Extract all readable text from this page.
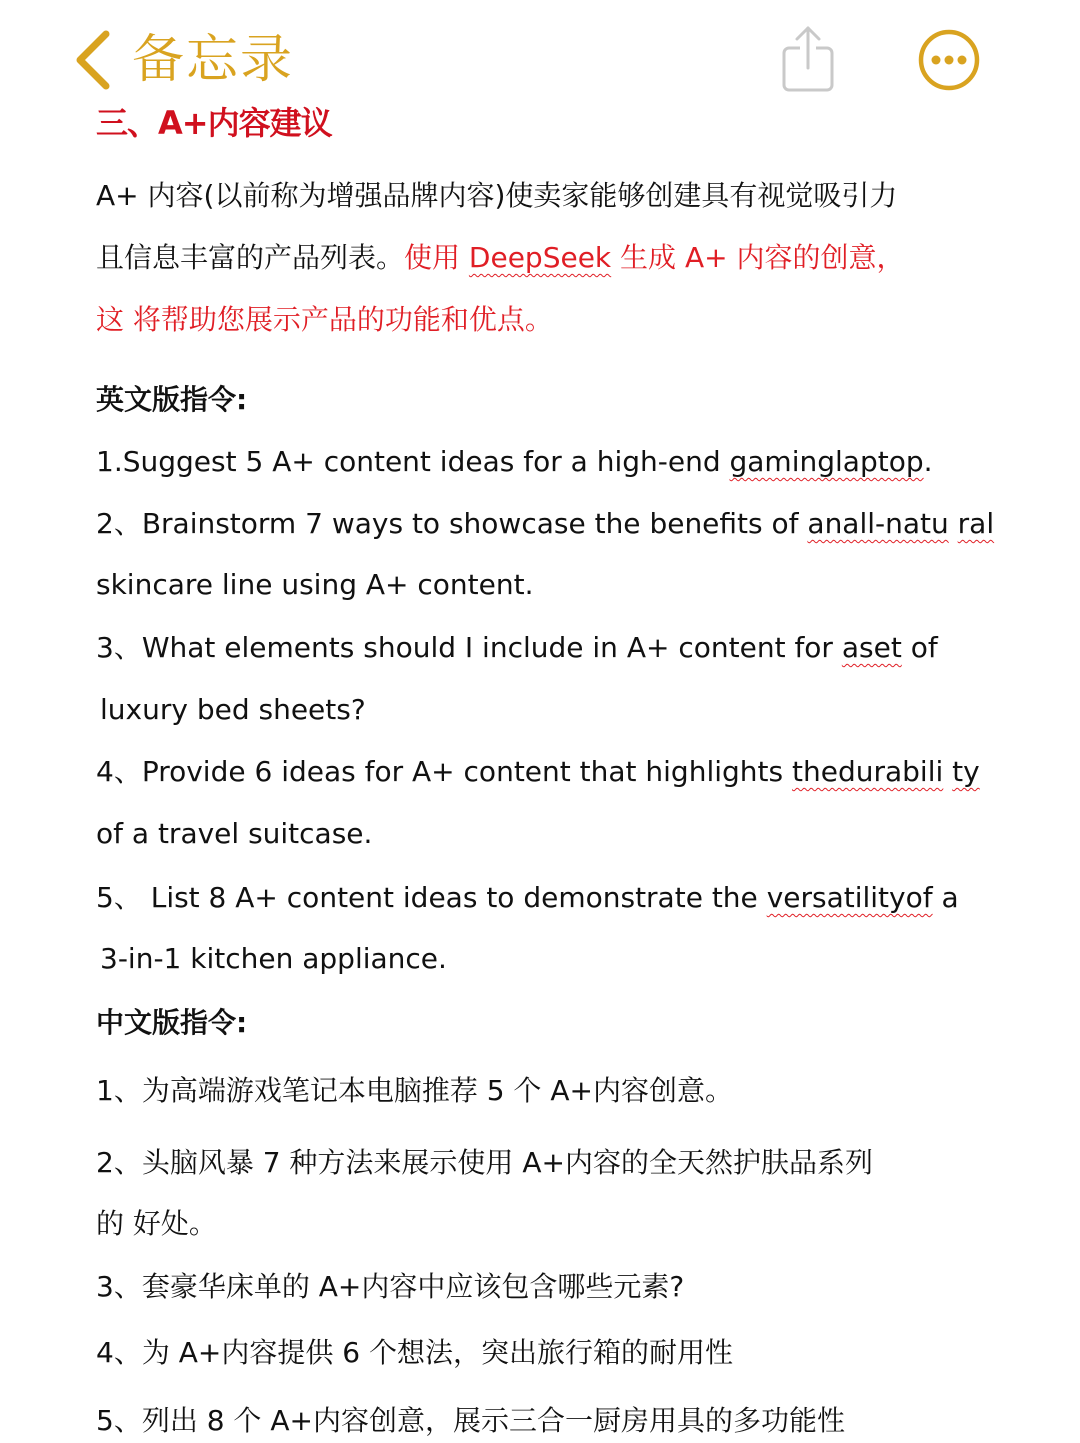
备忘录
三、A+内容建议
A+ 内容(以前称为增强品牌内容)使卖家能够创建具有视觉吸引力
且信息丰富的产品列表。使用 DeepSeek 生成 A+ 内容的创意，
这 将帮助您展示产品的功能和优点。
英文版指令:
1.Suggest 5 A+ content ideas for a high-end gaminglaptop.
2、Brainstorm 7 ways to showcase the benefits of anall-natu ral
skincare line using A+ content.
3、What elements should I include in A+ content for aset of
luxury bed sheets?
4、Provide 6 ideas for A+ content that highlights thedurabili ty
of a travel suitcase.
5、 List 8 A+ content ideas to demonstrate the versatilityof a
3-in-1 kitchen appliance.
中文版指令:
1、为高端游戏笔记本电脑推荐 5 个 A+内容创意。
2、头脑风暴 7 种方法来展示使用 A+内容的全天然护肤品系列
的 好处。
3、套豪华床单的 A+内容中应该包含哪些元素?
4、为 A+内容提供 6 个想法，突出旅行箱的耐用性
5、列出 8 个 A+内容创意，展示三合一厨房用具的多功能性
